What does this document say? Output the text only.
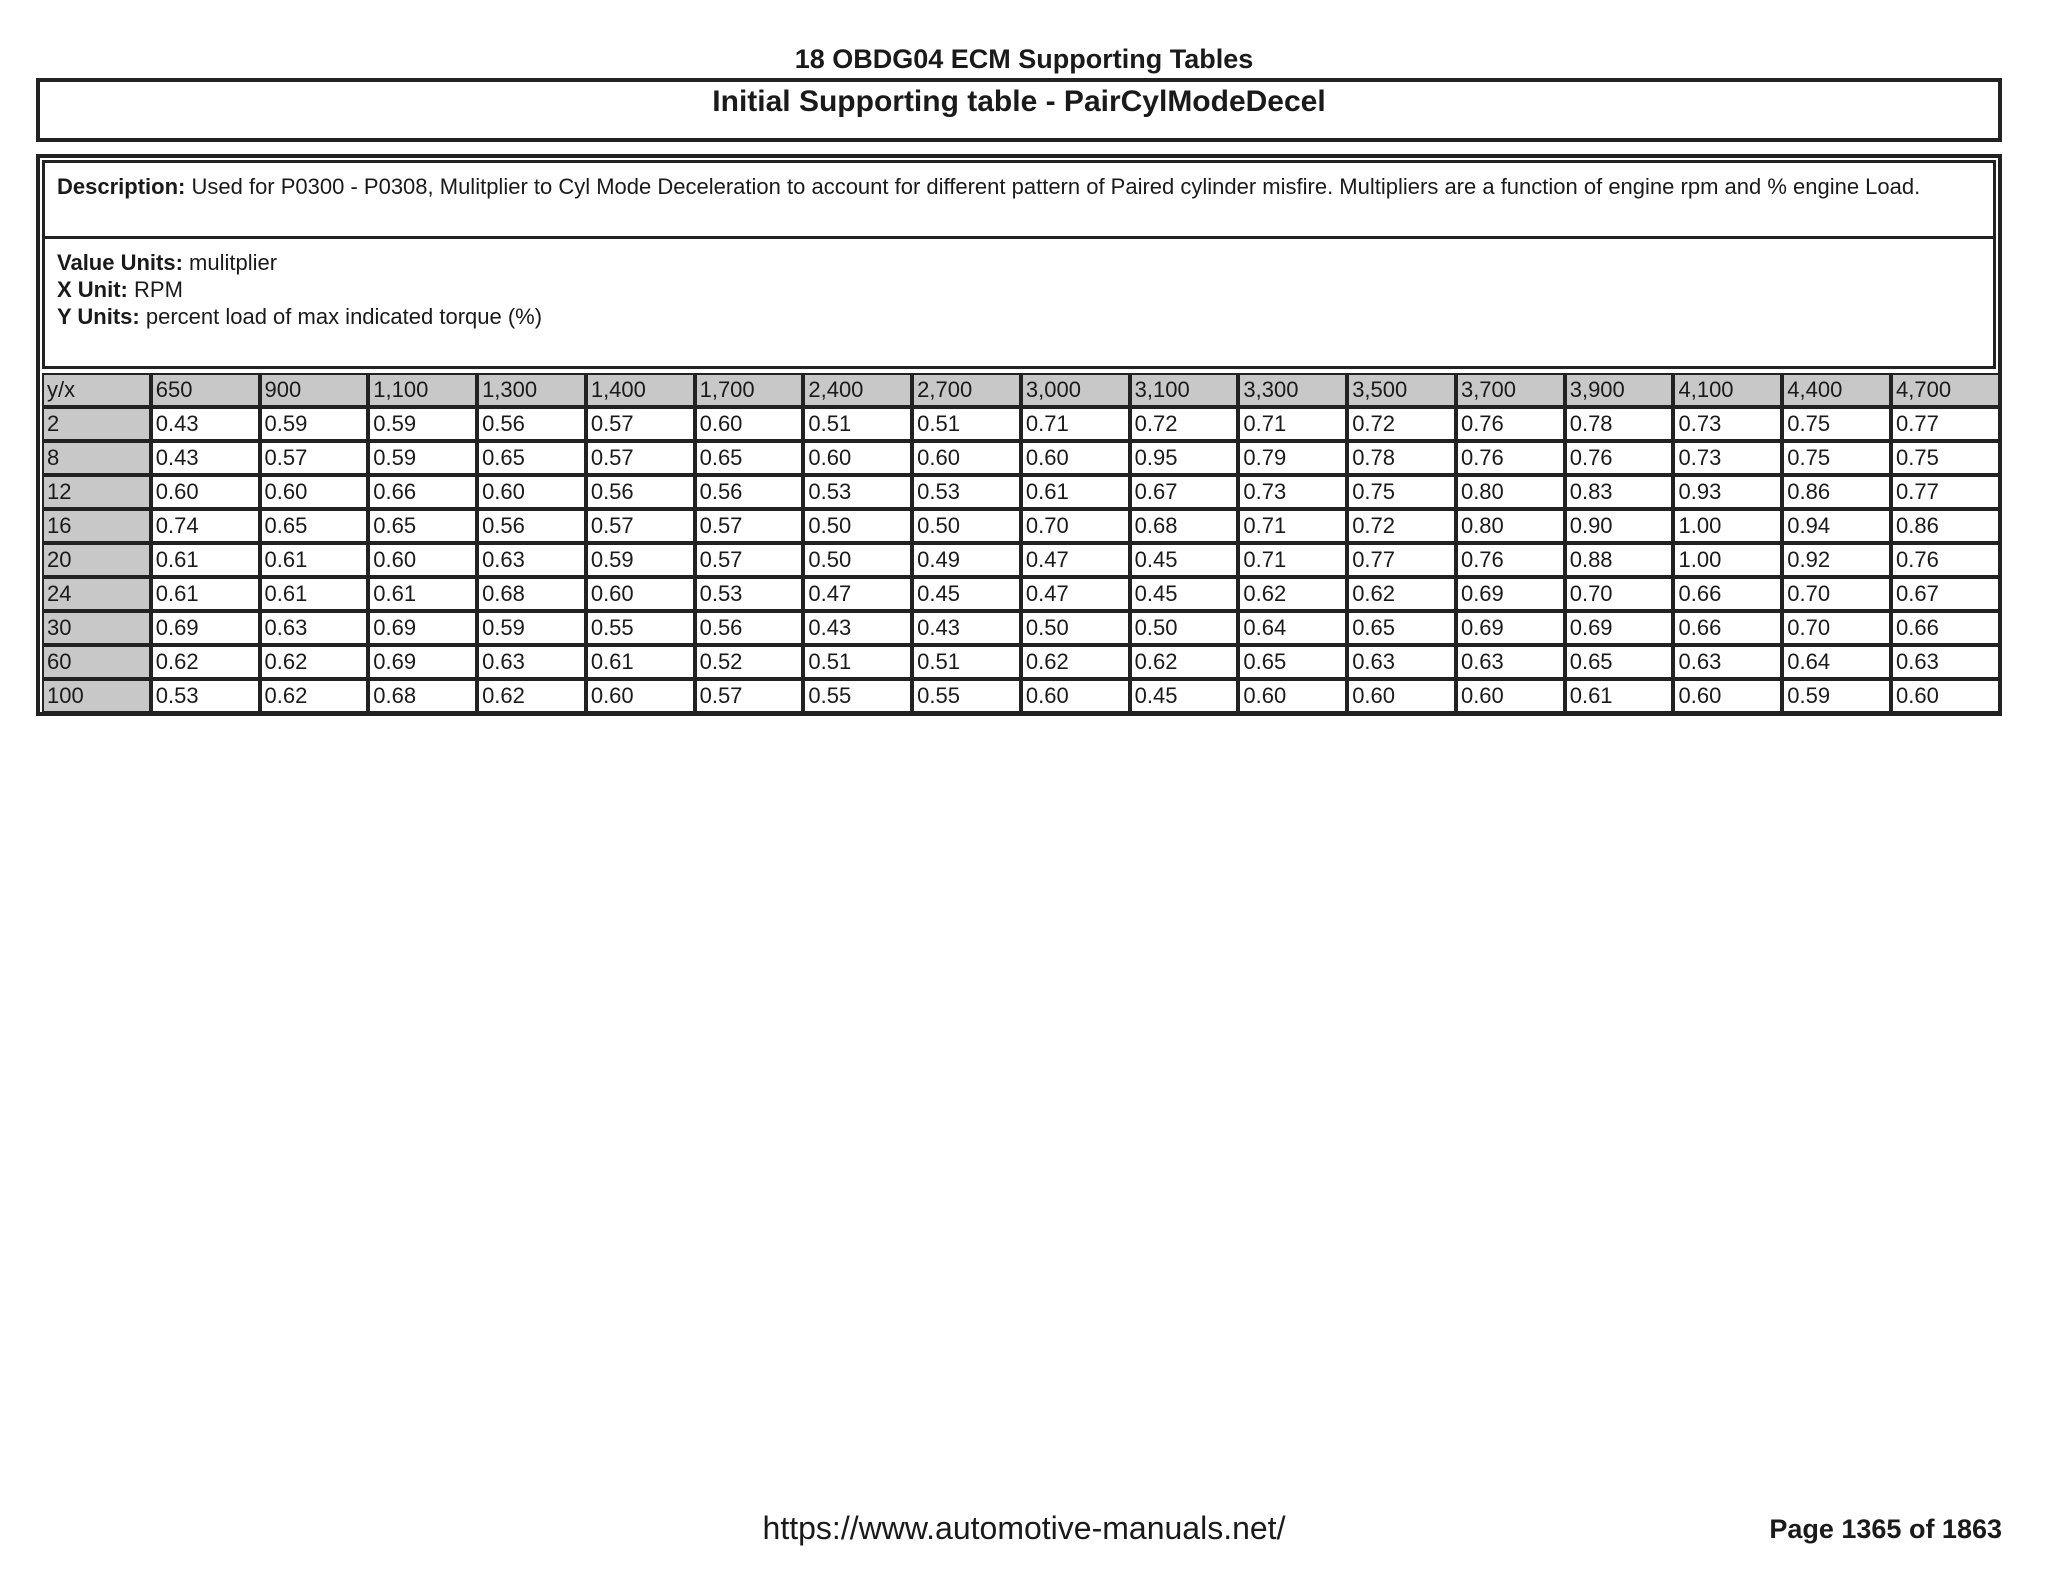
18 OBDG04 ECM Supporting Tables
Initial Supporting table - PairCylModeDecel
Description: Used for P0300 - P0308, Mulitplier to Cyl Mode Deceleration to account for different pattern of Paired cylinder misfire. Multipliers are a function of engine rpm and % engine Load.
Value Units: mulitplier
X Unit: RPM
Y Units: percent load of max indicated torque (%)
y/x	650	900	1,100	1,300	1,400	1,700	2,400	2,700	3,000	3,100	3,300	3,500	3,700	3,900	4,100	4,400	4,700
2	0.43	0.59	0.59	0.56	0.57	0.60	0.51	0.51	0.71	0.72	0.71	0.72	0.76	0.78	0.73	0.75	0.77
8	0.43	0.57	0.59	0.65	0.57	0.65	0.60	0.60	0.60	0.95	0.79	0.78	0.76	0.76	0.73	0.75	0.75
12	0.60	0.60	0.66	0.60	0.56	0.56	0.53	0.53	0.61	0.67	0.73	0.75	0.80	0.83	0.93	0.86	0.77
16	0.74	0.65	0.65	0.56	0.57	0.57	0.50	0.50	0.70	0.68	0.71	0.72	0.80	0.90	1.00	0.94	0.86
20	0.61	0.61	0.60	0.63	0.59	0.57	0.50	0.49	0.47	0.45	0.71	0.77	0.76	0.88	1.00	0.92	0.76
24	0.61	0.61	0.61	0.68	0.60	0.53	0.47	0.45	0.47	0.45	0.62	0.62	0.69	0.70	0.66	0.70	0.67
30	0.69	0.63	0.69	0.59	0.55	0.56	0.43	0.43	0.50	0.50	0.64	0.65	0.69	0.69	0.66	0.70	0.66
60	0.62	0.62	0.69	0.63	0.61	0.52	0.51	0.51	0.62	0.62	0.65	0.63	0.63	0.65	0.63	0.64	0.63
100	0.53	0.62	0.68	0.62	0.60	0.57	0.55	0.55	0.60	0.45	0.60	0.60	0.60	0.61	0.60	0.59	0.60
https://www.automotive-manuals.net/	Page 1365 of 1863
